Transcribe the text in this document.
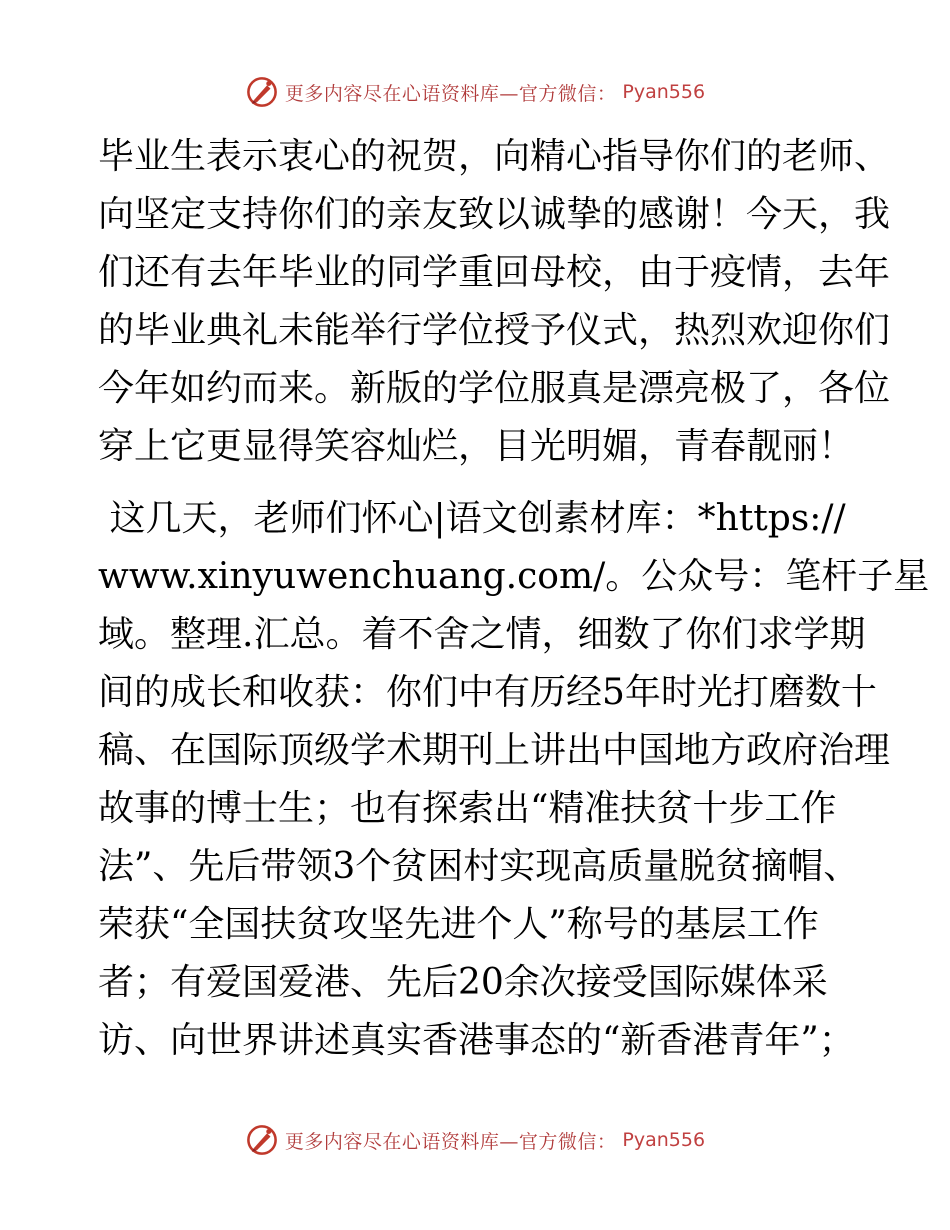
更多内容尽在心语资料库—官方微信： Pyan556
毕业生表示衷心的祝贺，向精心指导你们的老师、
向坚定支持你们的亲友致以诚挚的感谢！今天，我
们还有去年毕业的同学重回母校，由于疫情，去年
的毕业典礼未能举行学位授予仪式，热烈欢迎你们
今年如约而来。新版的学位服真是漂亮极了，各位
穿上它更显得笑容灿烂，目光明媚，青春靓丽！
这几天，老师们怀心|语文创素材库：*https://
www.xinyuwenchuang.com/。公众号：笔杆子星
域。整理.汇总。着不舍之情，细数了你们求学期
间的成长和收获：你们中有历经5年时光打磨数十
稿、在国际顶级学术期刊上讲出中国地方政府治理
故事的博士生；也有探索出“精准扶贫十步工作
法”、先后带领3个贫困村实现高质量脱贫摘帽、
荣获“全国扶贫攻坚先进个人”称号的基层工作
者；有爱国爱港、先后20余次接受国际媒体采
访、向世界讲述真实香港事态的“新香港青年”；
更多内容尽在心语资料库—官方微信： Pyan556
